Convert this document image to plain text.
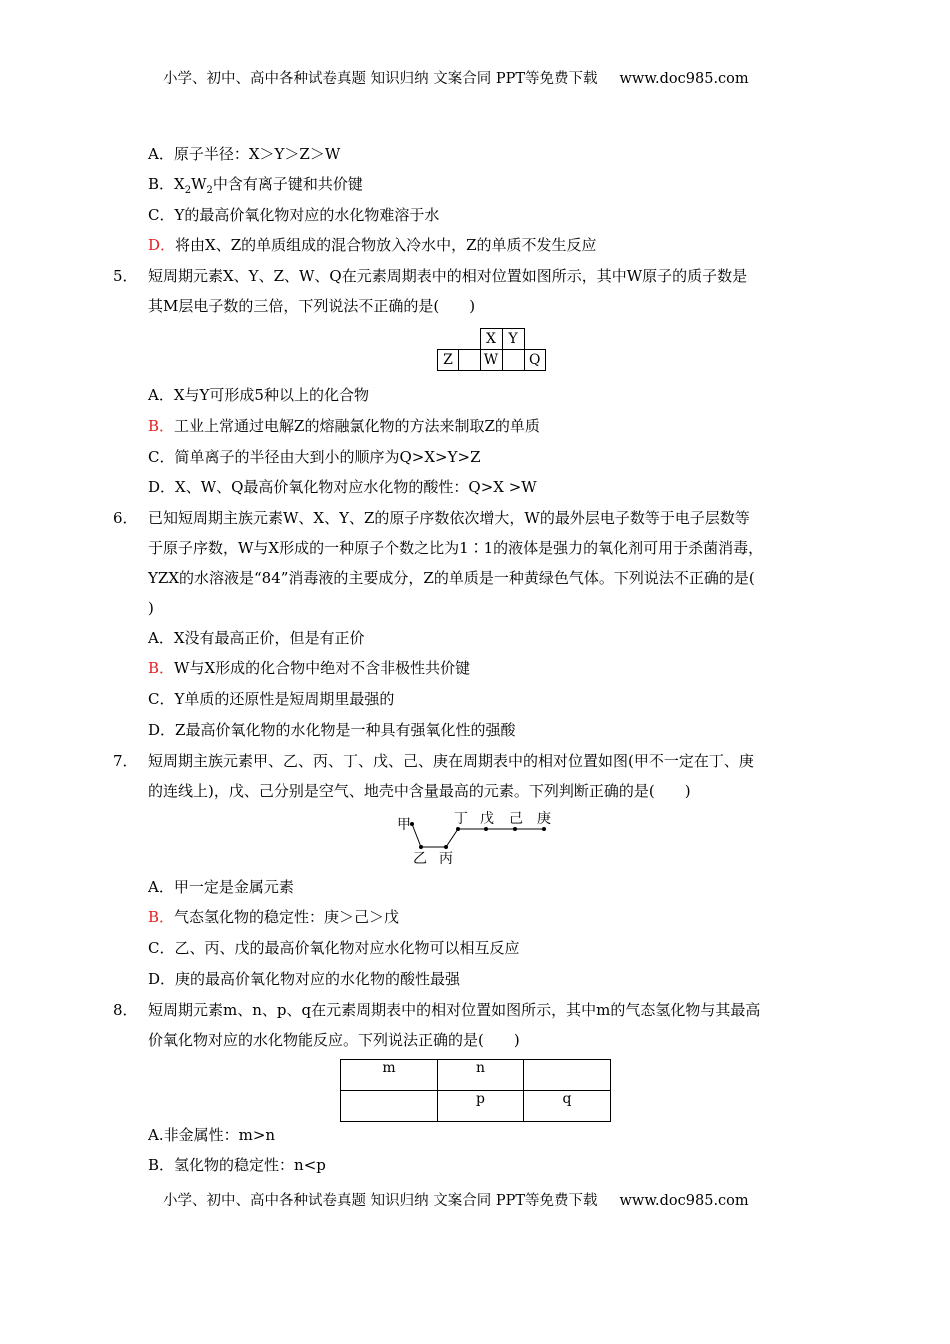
小学、初中、高中各种试卷真题 知识归纳 文案合同 PPT等免费下载 www.doc985.com
A．原子半径：X＞Y＞Z＞W
B．$X_2W_2$中含有离子键和共价键
C．Y的最高价氧化物对应的水化物难溶于水
D．将由X、Z的单质组成的混合物放入冷水中，Z的单质不发生反应
5． 短周期元素X、Y、Z、W、Q在元素周期表中的相对位置如图所示，其中W原子的质子数是
其M层电子数的三倍，下列说法不正确的是(　　)
		X	Y	
Z		W		Q
A．X与Y可形成5种以上的化合物
B．工业上常通过电解Z的熔融氯化物的方法来制取Z的单质
C．简单离子的半径由大到小的顺序为Q>X>Y>Z
D．X、W、Q最高价氧化物对应水化物的酸性：Q>X >W
6． 已知短周期主族元素W、X、Y、Z的原子序数依次增大，W的最外层电子数等于电子层数等
于原子序数，W与X形成的一种原子个数之比为1∶1的液体是强力的氧化剂可用于杀菌消毒，
YZX的水溶液是“84”消毒液的主要成分，Z的单质是一种黄绿色气体。下列说法不正确的是(
)
A．X没有最高正价，但是有正价
B．W与X形成的化合物中绝对不含非极性共价键
C．Y单质的还原性是短周期里最强的
D．Z最高价氧化物的水化物是一种具有强氧化性的强酸
7． 短周期主族元素甲、乙、丙、丁、戊、己、庚在周期表中的相对位置如图(甲不一定在丁、庚
的连线上)，戊、己分别是空气、地壳中含量最高的元素。下列判断正确的是(　　)
甲
乙 丙
丁 戊 己 庚
A．甲一定是金属元素
B．气态氢化物的稳定性：庚＞己＞戊
C．乙、丙、戊的最高价氧化物对应水化物可以相互反应
D．庚的最高价氧化物对应的水化物的酸性最强
8． 短周期元素m、n、p、q在元素周期表中的相对位置如图所示，其中m的气态氢化物与其最高
价氧化物对应的水化物能反应。下列说法正确的是(　　)
m	n	
	p	q
A.非金属性：m>n
B．氢化物的稳定性：n<p
小学、初中、高中各种试卷真题 知识归纳 文案合同 PPT等免费下载 www.doc985.com
